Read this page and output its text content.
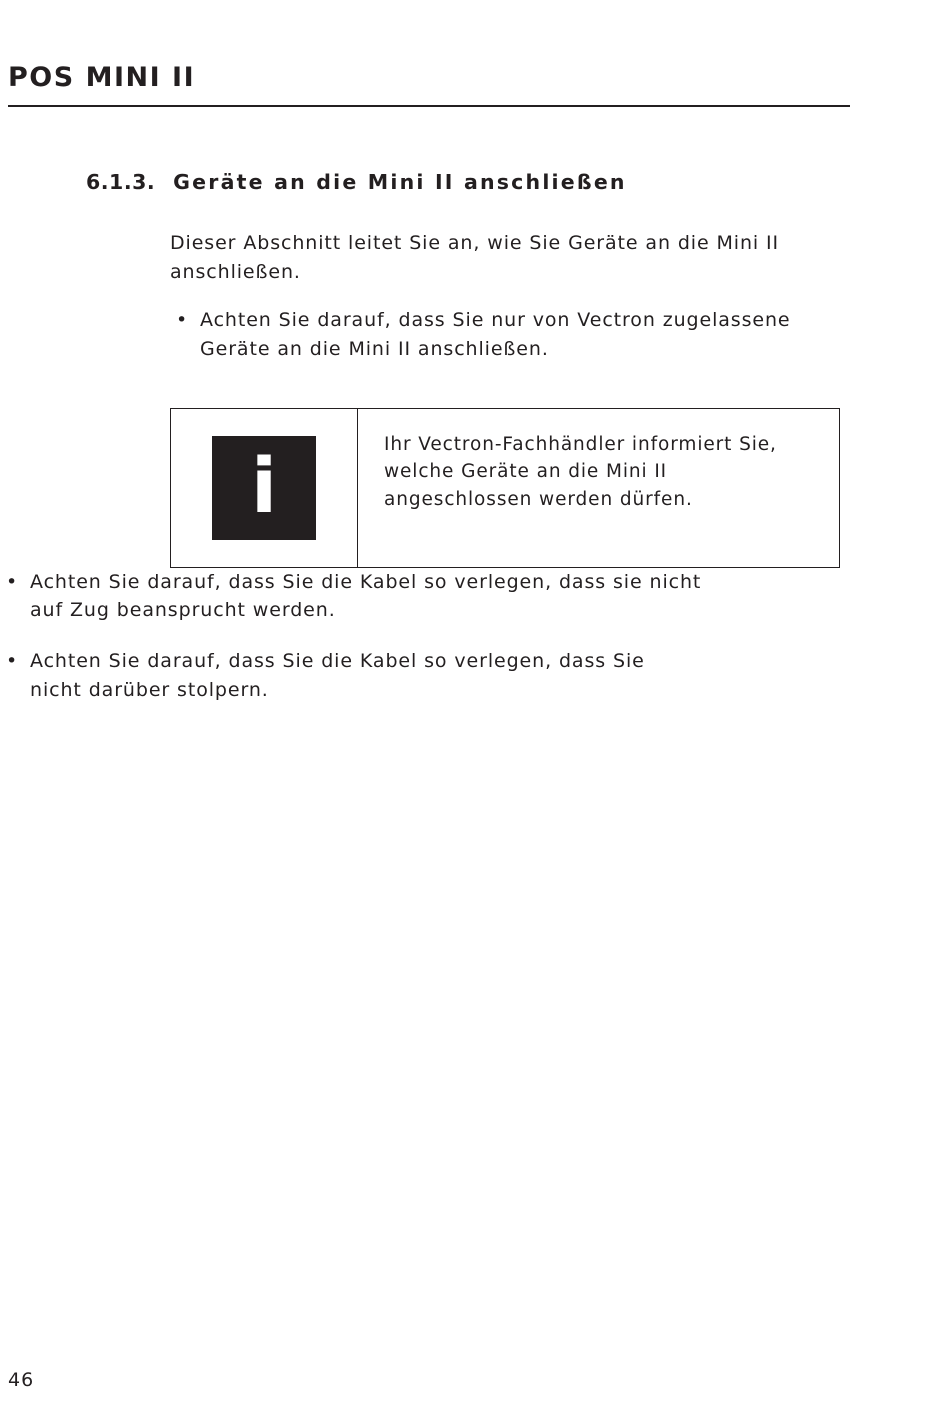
POS MINI II
6.1.3. Geräte an die Mini II anschließen

Dieser Abschnitt leitet Sie an, wie Sie Geräte an die Mini II anschließen.

• Achten Sie darauf, dass Sie nur von Vectron zugelassene Geräte an die Mini II anschließen.
i	Ihr Vectron-Fachhändler informiert Sie, welche Geräte an die Mini II angeschlossen werden dürfen.
• Achten Sie darauf, dass Sie die Kabel so verlegen, dass sie nicht auf Zug beansprucht werden.
• Achten Sie darauf, dass Sie die Kabel so verlegen, dass Sie nicht darüber stolpern.
46
